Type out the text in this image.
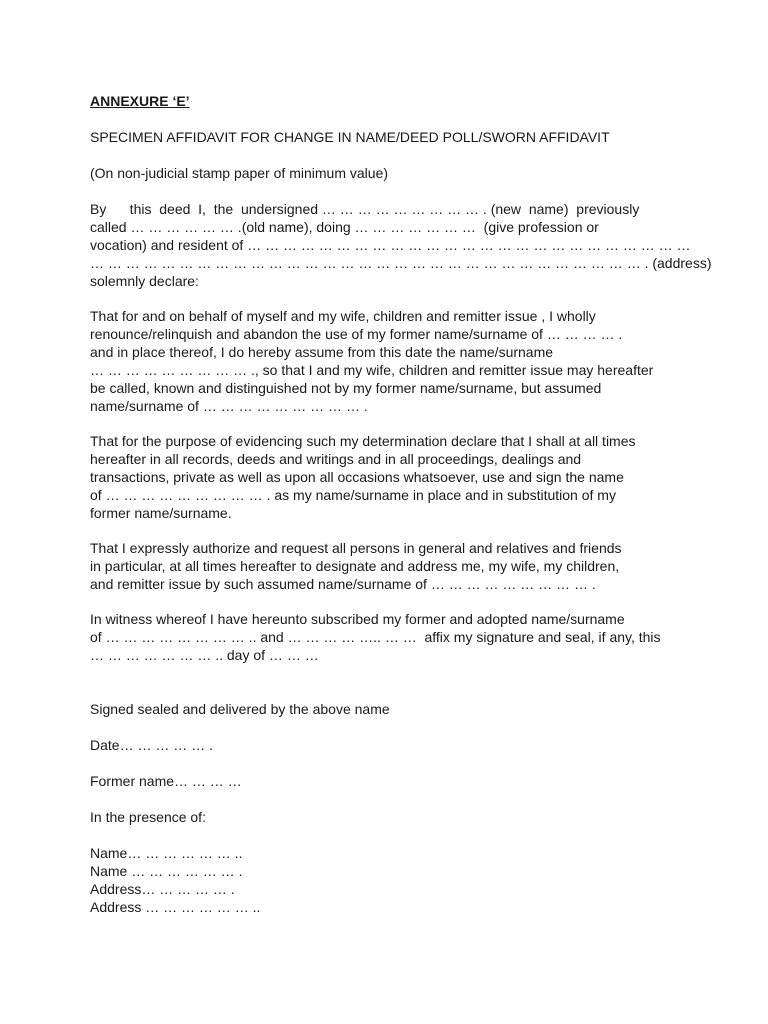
ANNEXURE ‘E’
SPECIMEN AFFIDAVIT FOR CHANGE IN NAME/DEED POLL/SWORN AFFIDAVIT
(On non-judicial stamp paper of minimum value)
By      this  deed  I,  the  undersigned … … … … … … … … … . (new  name)  previously
called … … … … … … .(old name), doing … … … … … … …  (give profession or
vocation) and resident of … … … … … … … … … … … … … … … … … … … … … … … … …
… … … … … … … … … … … … … … … … … … … … … … … … … … … … … … … . (address)
solemnly declare:
That for and on behalf of myself and my wife, children and remitter issue , I wholly
renounce/relinquish and abandon the use of my former name/surname of … … … … .
and in place thereof, I do hereby assume from this date the name/surname
… … … … … … … … … ., so that I and my wife, children and remitter issue may hereafter
be called, known and distinguished not by my former name/surname, but assumed
name/surname of … … … … … … … … … .
That for the purpose of evidencing such my determination declare that I shall at all times
hereafter in all records, deeds and writings and in all proceedings, dealings and
transactions, private as well as upon all occasions whatsoever, use and sign the name
of … … … … … … … … … . as my name/surname in place and in substitution of my
former name/surname.
That I expressly authorize and request all persons in general and relatives and friends
in particular, at all times hereafter to designate and address me, my wife, my children,
and remitter issue by such assumed name/surname of … … … … … … … … … .
In witness whereof I have hereunto subscribed my former and adopted name/surname
of … … … … … … … … .. and … … … … ….. … …  affix my signature and seal, if any, this
… … … … … … … .. day of … … …
Signed sealed and delivered by the above name
Date… … … … … .
Former name… … … …
In the presence of:
Name… … … … … … ..
Name … … … … … … .
Address… … … … … .
Address … … … … … … ..
